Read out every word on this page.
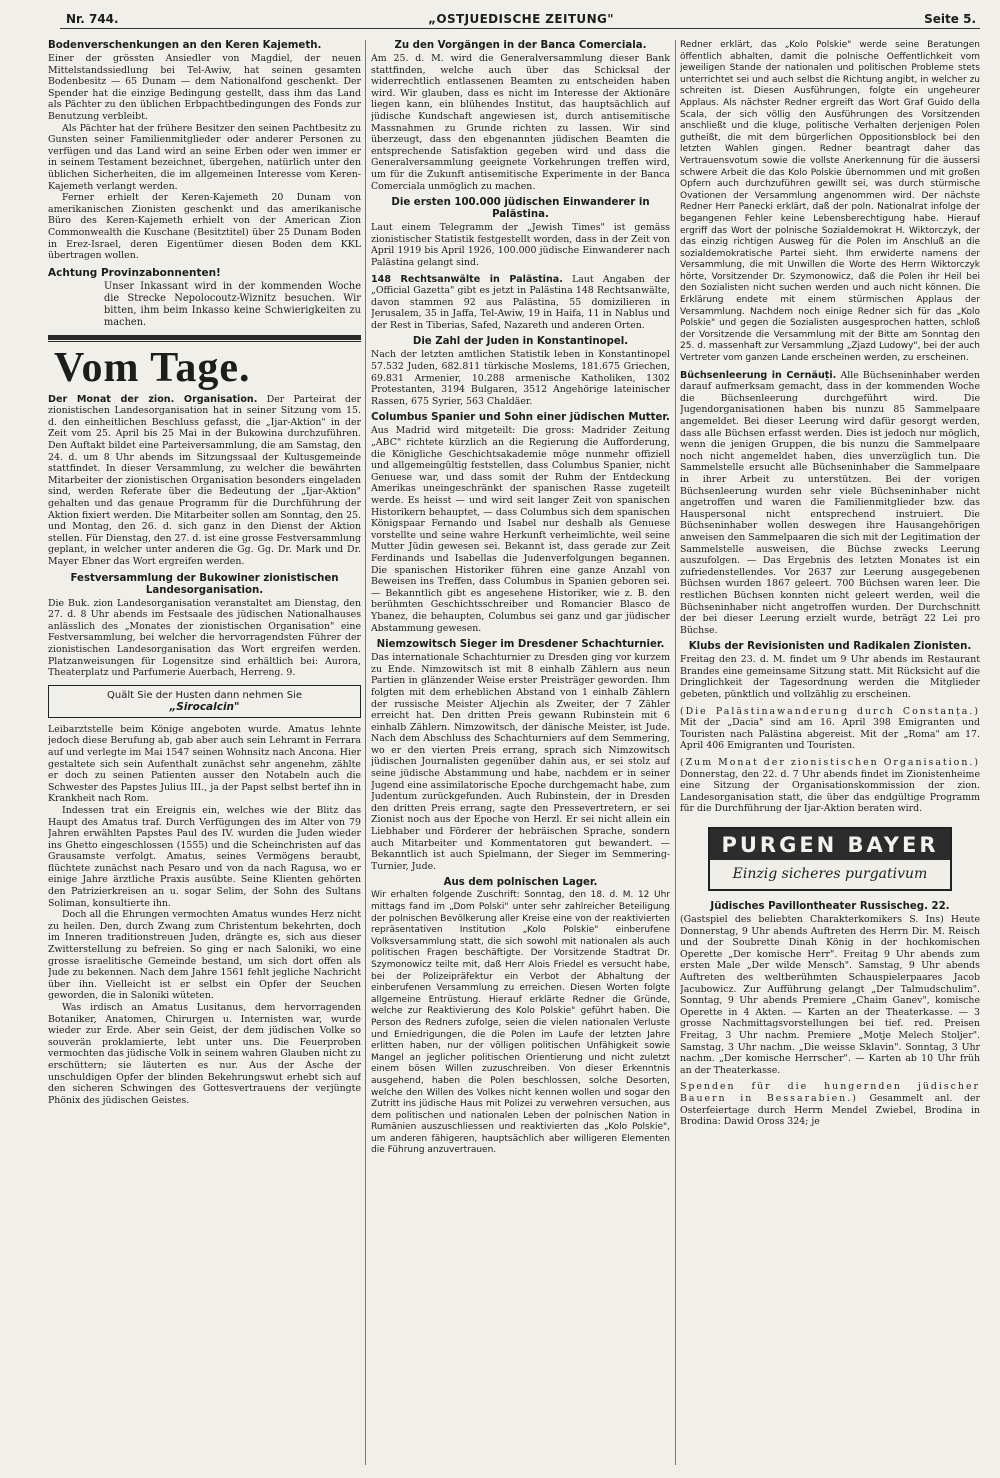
Nr. 744.	„OSTJUEDISCHE ZEITUNG"	Seite 5.
Bodenverschenkungen an den Keren Kajemeth.

Einer der grössten Ansiedler von Magdiel, der neuen Mittelstandssiedlung bei Tel-Awiw, hat seinen gesamten Bodenbesitz — 65 Dunam — dem Nationalfond geschenkt. Der Spender hat die einzige Bedingung gestellt, dass ihm das Land als Pächter zu den üblichen Erbpachtbedingungen des Fonds zur Benutzung verbleibt.

Als Pächter hat der frühere Besitzer den seinen Pachtbesitz zu Gunsten seiner Familienmitglieder oder anderer Personen zu verfügen und das Land wird an seine Erben oder wen immer er in seinem Testament bezeichnet, übergehen, natürlich unter den üblichen Sicherheiten, die im allgemeinen Interesse vom Keren-Kajemeth verlangt werden.

Ferner erhielt der Keren-Kajemeth 20 Dunam von amerikanischen Zionisten geschenkt und das amerikanische Büro des Keren-Kajemeth erhielt von der American Zion Commonwealth die Kuschane (Besitztitel) über 25 Dunam Boden in Erez-Israel, deren Eigentümer diesen Boden dem KKL übertragen wollen.

Achtung Provinzabonnenten!

Unser Inkassant wird in der kommenden Woche die Strecke Nepolocoutz-Wiznitz besuchen. Wir bitten, ihm beim Inkasso keine Schwierigkeiten zu machen.

Vom Tage.

Der Monat der zion. Organisation. Der Parteirat der zionistischen Landesorganisation hat in seiner Sitzung vom 15. d. den einheitlichen Beschluss gefasst, die „Ijar-Aktion" in der Zeit vom 25. April bis 25 Mai in der Bukowina durchzuführen. Den Auftakt bildet eine Parteiversammlung, die am Samstag, den 24. d. um 8 Uhr abends im Sitzungssaal der Kultusgemeinde stattfindet. In dieser Versammlung, zu welcher die bewährten Mitarbeiter der zionistischen Organisation besonders eingeladen sind, werden Referate über die Bedeutung der „Ijar-Aktion" gehalten und das genaue Programm für die Durchführung der Aktion fixiert werden. Die Mitarbeiter sollen am Sonntag, den 25. und Montag, den 26. d. sich ganz in den Dienst der Aktion stellen. Für Dienstag, den 27. d. ist eine grosse Festversammlung geplant, in welcher unter anderen die Gg. Gg. Dr. Mark und Dr. Mayer Ebner das Wort ergreifen werden.

Festversammlung der Bukowiner zionistischen Landesorganisation.

Die Buk. zion Landesorganisation veranstaltet am Dienstag, den 27. d. 8 Uhr abends im Festsaale des jüdischen Nationalhauses anlässlich des „Monates der zionistischen Organisation" eine Festversammlung, bei welcher die hervorragendsten Führer der zionistischen Landesorganisation das Wort ergreifen werden. Platzanweisungen für Logensitze sind erhältlich bei: Aurora, Theaterplatz und Parfumerie Auerbach, Herreng. 9.

Quält Sie der Husten dann nehmen Sie
„Sirocalcin"

Leibarztstelle beim Könige angeboten wurde. Amatus lehnte jedoch diese Berufung ab, gab aber auch sein Lehramt in Ferrara auf und verlegte im Mai 1547 seinen Wohnsitz nach Ancona. Hier gestaltete sich sein Aufenthalt zunächst sehr angenehm, zählte er doch zu seinen Patienten ausser den Notabeln auch die Schwester des Papstes Julius III., ja der Papst selbst bertef ihn in Krankheit nach Rom.

Indessen trat ein Ereignis ein, welches wie der Blitz das Haupt des Amatus traf. Durch Verfügungen des im Alter von 79 Jahren erwählten Papstes Paul des IV. wurden die Juden wieder ins Ghetto eingeschlossen (1555) und die Scheinchristen auf das Grausamste verfolgt. Amatus, seines Vermögens beraubt, flüchtete zunächst nach Pesaro und von da nach Ragusa, wo er einige Jahre ärztliche Praxis ausübte. Seine Klienten gehörten den Patrizierkreisen an u. sogar Selim, der Sohn des Sultans Soliman, konsultierte ihn.

Doch all die Ehrungen vermochten Amatus wundes Herz nicht zu heilen. Den, durch Zwang zum Christentum bekehrten, doch im Inneren traditionstreuen Juden, drängte es, sich aus dieser Zwitterstellung zu befreien. So ging er nach Saloniki, wo eine grosse israelitische Gemeinde bestand, um sich dort offen als Jude zu bekennen. Nach dem Jahre 1561 fehlt jegliche Nachricht über ihn. Vielleicht ist er selbst ein Opfer der Seuchen geworden, die in Saloniki wüteten.

Was irdisch an Amatus Lusitanus, dem hervorragenden Botaniker, Anatomen, Chirurgen u. Internisten war, wurde wieder zur Erde. Aber sein Geist, der dem jüdischen Volke so souverän proklamierte, lebt unter uns. Die Feuerproben vermochten das jüdische Volk in seinem wahren Glauben nicht zu erschüttern; sie läuterten es nur. Aus der Asche der unschuldigen Opfer der blinden Bekehrungswut erhebt sich auf den sicheren Schwingen des Gottesvertrauens der verjüngte Phönix des jüdischen Geistes.

Zu den Vorgängen in der Banca Comerciala.

Am 25. d. M. wird die Generalversammlung dieser Bank stattfinden, welche auch über das Schicksal der widerrechtlich entlassenen Beamten zu entscheiden haben wird. Wir glauben, dass es nicht im Interesse der Aktionäre liegen kann, ein blühendes Institut, das hauptsächlich auf jüdische Kundschaft angewiesen ist, durch antisemitische Massnahmen zu Grunde richten zu lassen. Wir sind überzeugt, dass den ebgenannten jüdischen Beamten die entsprechende Satisfaktion gegeben wird und dass die Generalversammlung geeignete Vorkehrungen treffen wird, um für die Zukunft antisemitische Experimente in der Banca Comerciala unmöglich zu machen.

Die ersten 100.000 jüdischen Einwanderer in Palästina.

Laut einem Telegramm der „Jewish Times" ist gemäss zionistischer Statistik festgestellt worden, dass in der Zeit von April 1919 bis April 1926, 100.000 jüdische Einwanderer nach Palästina gelangt sind.

148 Rechtsanwälte in Palästina. Laut Angaben der „Official Gazetta" gibt es jetzt in Palästina 148 Rechtsanwälte, davon stammen 92 aus Palästina, 55 domizilieren in Jerusalem, 35 in Jaffa, Tel-Awiw, 19 in Haifa, 11 in Nablus und der Rest in Tiberias, Safed, Nazareth und anderen Orten.

Die Zahl der Juden in Konstantinopel.

Nach der letzten amtlichen Statistik leben in Konstantinopel 57.532 Juden, 682.811 türkische Moslems, 181.675 Griechen, 69.831 Armenier, 10.288 armenische Katholiken, 1302 Protestanten, 3194 Bulgaren, 3512 Angehörige lateinischer Rassen, 675 Syrier, 563 Chaldäer.

Columbus Spanier und Sohn einer jüdischen Mutter.

Aus Madrid wird mitgeteilt: Die gross: Madrider Zeitung „ABC" richtete kürzlich an die Regierung die Aufforderung, die Königliche Geschichtsakademie möge nunmehr offiziell und allgemeingültig feststellen, dass Columbus Spanier, nicht Genuese war, und dass somit der Ruhm der Entdeckung Amerikas uneingeschränkt der spanischen Rasse zugeteilt werde. Es heisst — und wird seit langer Zeit von spanischen Historikern behauptet, — dass Columbus sich dem spanischen Königspaar Fernando und Isabel nur deshalb als Genuese vorstellte und seine wahre Herkunft verheimlichte, weil seine Mutter Jüdin gewesen sei. Bekannt ist, dass gerade zur Zeit Ferdinands und Isabellas die Judenverfolgungen begannen. Die spanischen Historiker führen eine ganze Anzahl von Beweisen ins Treffen, dass Columbus in Spanien geboren sei. — Bekanntlich gibt es angesehene Historiker, wie z. B. den berühmten Geschichtsschreiber und Romancier Blasco de Ybanez, die behaupten, Columbus sei ganz und gar jüdischer Abstammung gewesen.

Niemzowitsch Sieger im Dresdener Schachturnier.

Das internationale Schachturnier zu Dresden ging vor kurzem zu Ende. Nimzowitsch ist mit 8 einhalb Zählern aus neun Partien in glänzender Weise erster Preisträger geworden. Ihm folgten mit dem erheblichen Abstand von 1 einhalb Zählern der russische Meister Aljechin als Zweiter, der 7 Zähler erreicht hat. Den dritten Preis gewann Rubinstein mit 6 einhalb Zählern. Nimzowitsch, der dänische Meister, ist Jude. Nach dem Abschluss des Schachturniers auf dem Semmering, wo er den vierten Preis errang, sprach sich Nimzowitsch jüdischen Journalisten gegenüber dahin aus, er sei stolz auf seine jüdische Abstammung und habe, nachdem er in seiner Jugend eine assimilatorische Epoche durchgemacht habe, zum Judentum zurückgefunden. Auch Rubinstein, der in Dresden den dritten Preis errang, sagte den Pressevertretern, er sei Zionist noch aus der Epoche von Herzl. Er sei nicht allein ein Liebhaber und Förderer der hebräischen Sprache, sondern auch Mitarbeiter und Kommentatoren gut bewandert. — Bekanntlich ist auch Spielmann, der Sieger im Semmering-Turnier, Jude.

Aus dem polnischen Lager.

Wir erhalten folgende Zuschrift: Sonntag, den 18. d. M. 12 Uhr mittags fand im „Dom Polski" unter sehr zahlreicher Beteiligung der polnischen Bevölkerung aller Kreise eine von der reaktivierten repräsentativen Institution „Kolo Polskie" einberufene Volksversammlung statt, die sich sowohl mit nationalen als auch politischen Fragen beschäftigte. Der Vorsitzende Stadtrat Dr. Szymonowicz teilte mit, daß Herr Alois Friedel es versucht habe, bei der Polizeipräfektur ein Verbot der Abhaltung der einberufenen Versammlung zu erreichen. Diesen Worten folgte allgemeine Entrüstung. Hierauf erklärte Redner die Gründe, welche zur Reaktivierung des Kolo Polskie" geführt haben. Die Person des Redners zufolge, seien die vielen nationalen Verluste und Erniedrigungen, die die Polen im Laufe der letzten Jahre erlitten haben, nur der völligen politischen Unfähigkeit sowie Mangel an jeglicher politischen Orientierung und nicht zuletzt einem bösen Willen zuzuschreiben. Von dieser Erkenntnis ausgehend, haben die Polen beschlossen, solche Desorten, welche den Willen des Volkes nicht kennen wollen und sogar den Zutritt ins jüdische Haus mit Polizei zu verwehren versuchen, aus dem politischen und nationalen Leben der polnischen Nation in Rumänien auszuschliessen und reaktivierten das „Kolo Polskie", um anderen fähigeren, hauptsächlich aber willigeren Elementen die Führung anzuvertrauen.

Redner erklärt, das „Kolo Polskie" werde seine Beratungen öffentlich abhalten, damit die polnische Oeffentlichkeit vom jeweiligen Stande der nationalen und politischen Probleme stets unterrichtet sei und auch selbst die Richtung angibt, in welcher zu schreiten ist. Diesen Ausführungen, folgte ein ungeheurer Applaus. Als nächster Redner ergreift das Wort Graf Guido della Scala, der sich völlig den Ausführungen des Vorsitzenden anschließt und die kluge, politische Verhalten derjenigen Polen gutheißt, die mit dem bürgerlichen Oppositionsblock bei den letzten Wahlen gingen. Redner beantragt daher das Vertrauensvotum sowie die vollste Anerkennung für die äussersi schwere Arbeit die das Kolo Polskie übernommen und mit großen Opfern auch durchzuführen gewillt sei, was durch stürmische Ovationen der Versammlung angenommen wird. Der nächste Redner Herr Panecki erklärt, daß der poln. Nationalrat infolge der begangenen Fehler keine Lebensberechtigung habe. Hierauf ergriff das Wort der polnische Sozialdemokrat H. Wiktorczyk, der das einzig richtigen Ausweg für die Polen im Anschluß an die sozialdemokratische Partei sieht. Ihm erwiderte namens der Versammlung, die mit Unwillen die Worte des Herrn Wiktorczyk hörte, Vorsitzender Dr. Szymonowicz, daß die Polen ihr Heil bei den Sozialisten nicht suchen werden und auch nicht können. Die Erklärung endete mit einem stürmischen Applaus der Versammlung. Nachdem noch einige Redner sich für das „Kolo Polskie" und gegen die Sozialisten ausgesprochen hatten, schloß der Vorsitzende die Versammlung mit der Bitte am Sonntag den 25. d. massenhaft zur Versammlung „Zjazd Ludowy", bei der auch Vertreter vom ganzen Lande erscheinen werden, zu erscheinen.

Büchsenleerung in Cernäuți. Alle Büchseninhaber werden darauf aufmerksam gemacht, dass in der kommenden Woche die Büchsenleerung durchgeführt wird. Die Jugendorganisationen haben bis nunzu 85 Sammelpaare angemeldet. Bei dieser Leerung wird dafür gesorgt werden, dass alle Büchsen erfasst werden. Dies ist jedoch nur möglich, wenn die jenigen Gruppen, die bis nunzu die Sammelpaare noch nicht angemeldet haben, dies unverzüglich tun. Die Sammelstelle ersucht alle Büchseninhaber die Sammelpaare in ihrer Arbeit zu unterstützen. Bei der vorigen Büchsenleerung wurden sehr viele Büchseninhaber nicht angetroffen und waren die Familienmitglieder bzw. das Hauspersonal nicht entsprechend instruiert. Die Büchseninhaber wollen deswegen ihre Hausangehörigen anweisen den Sammelpaaren die sich mit der Legitimation der Sammelstelle ausweisen, die Büchse zwecks Leerung auszufolgen. — Das Ergebnis des letzten Monates ist ein zufriedenstellendes. Vor 2637 zur Leerung ausgegebenen Büchsen wurden 1867 geleert. 700 Büchsen waren leer. Die restlichen Büchsen konnten nicht geleert werden, weil die Büchseninhaber nicht angetroffen wurden. Der Durchschnitt der bei dieser Leerung erzielt wurde, beträgt 22 Lei pro Büchse.

Klubs der Revisionisten und Radikalen Zionisten.

Freitag den 23. d. M. findet um 9 Uhr abends im Restaurant Brandes eine gemeinsame Sitzung statt. Mit Rücksicht auf die Dringlichkeit der Tagesordnung werden die Mitglieder gebeten, pünktlich und vollzählig zu erscheinen.

(Die Palästinawanderung durch Constanța.) Mit der „Dacia" sind am 16. April 398 Emigranten und Touristen nach Palästina abgereist. Mit der „Roma" am 17. April 406 Emigranten und Touristen.

(Zum Monat der zionistischen Organisation.) Donnerstag, den 22. d. 7 Uhr abends findet im Zionistenheime eine Sitzung der Organisationskommission der zion. Landesorganisation statt, die über das endgültige Programm für die Durchführung der Ijar-Aktion beraten wird.

PURGEN BAYER
Einzig sicheres purgativum
Jüdisches Pavillontheater Russischeg. 22.

(Gastspiel des beliebten Charakterkomikers S. Ins) Heute Donnerstag, 9 Uhr abends Auftreten des Herrn Dir. M. Reisch und der Soubrette Dinah König in der hochkomischen Operette „Der komische Herr". Freitag 9 Uhr abends zum ersten Male „Der wilde Mensch". Samstag, 9 Uhr abends Auftreten des weltberühmten Schauspielerpaares Jacob Jacubowicz. Zur Aufführung gelangt „Der Talmudschulim". Sonntag, 9 Uhr abends Premiere „Chaim Ganev", komische Operette in 4 Akten. — Karten an der Theaterkasse. — 3 grosse Nachmittagsvorstellungen bei tief. red. Preisen Freitag, 3 Uhr nachm. Premiere „Motje Melech Stoljer". Samstag, 3 Uhr nachm. „Die weisse Sklavin". Sonntag, 3 Uhr nachm. „Der komische Herrscher". — Karten ab 10 Uhr früh an der Theaterkasse.

Spenden für die hungernden jüdischer Bauern in Bessarabien.) Gesammelt anl. der Osterfeiertage durch Herrn Mendel Zwiebel, Brodina in Brodina: Dawid Oross 324; je
